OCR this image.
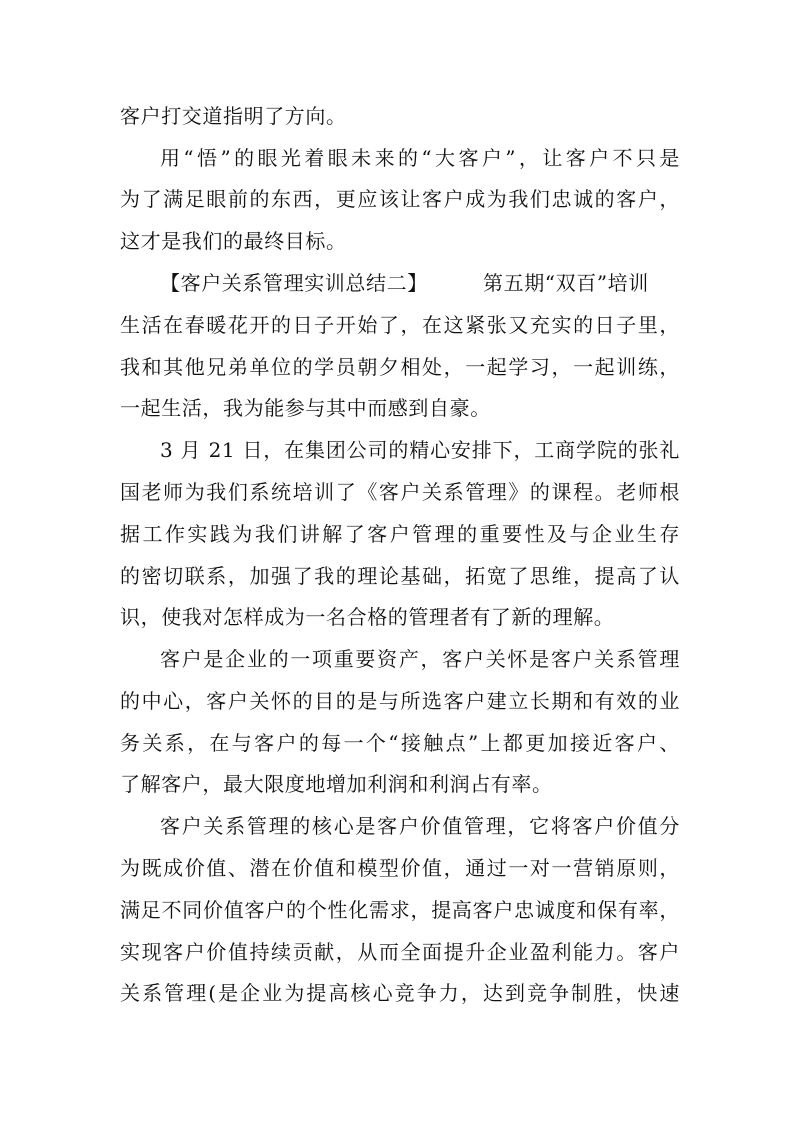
客户打交道指明了方向。
用“悟”的眼光着眼未来的“大客户”，让客户不只是
为了满足眼前的东西，更应该让客户成为我们忠诚的客户，
这才是我们的最终目标。
【客户关系管理实训总结二】	第五期“双百”培训
生活在春暖花开的日子开始了，在这紧张又充实的日子里，
我和其他兄弟单位的学员朝夕相处，一起学习，一起训练，
一起生活，我为能参与其中而感到自豪。
3 月 21 日，在集团公司的精心安排下，工商学院的张礼
国老师为我们系统培训了《客户关系管理》的课程。老师根
据工作实践为我们讲解了客户管理的重要性及与企业生存
的密切联系，加强了我的理论基础，拓宽了思维，提高了认
识，使我对怎样成为一名合格的管理者有了新的理解。
客户是企业的一项重要资产，客户关怀是客户关系管理
的中心，客户关怀的目的是与所选客户建立长期和有效的业
务关系，在与客户的每一个“接触点”上都更加接近客户、
了解客户，最大限度地增加利润和利润占有率。
客户关系管理的核心是客户价值管理，它将客户价值分
为既成价值、潜在价值和模型价值，通过一对一营销原则，
满足不同价值客户的个性化需求，提高客户忠诚度和保有率，
实现客户价值持续贡献，从而全面提升企业盈利能力。客户
关系管理(是企业为提高核心竞争力，达到竞争制胜，快速
